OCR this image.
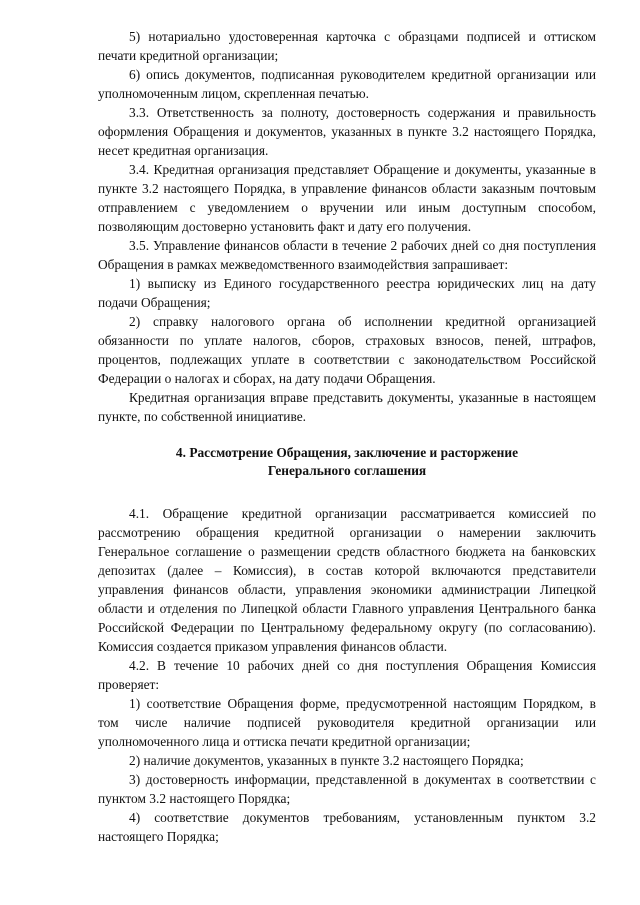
5) нотариально удостоверенная карточка с образцами подписей и оттиском печати кредитной организации;

6) опись документов, подписанная руководителем кредитной организации или уполномоченным лицом, скрепленная печатью.

3.3. Ответственность за полноту, достоверность содержания и правильность оформления Обращения и документов, указанных в пункте 3.2 настоящего Порядка, несет кредитная организация.

3.4. Кредитная организация представляет Обращение и документы, указанные в пункте 3.2 настоящего Порядка, в управление финансов области заказным почтовым отправлением с уведомлением о вручении или иным доступным способом, позволяющим достоверно установить факт и дату его получения.

3.5. Управление финансов области в течение 2 рабочих дней со дня поступления Обращения в рамках межведомственного взаимодействия запрашивает:

1) выписку из Единого государственного реестра юридических лиц на дату подачи Обращения;

2) справку налогового органа об исполнении кредитной организацией обязанности по уплате налогов, сборов, страховых взносов, пеней, штрафов, процентов, подлежащих уплате в соответствии с законодательством Российской Федерации о налогах и сборах, на дату подачи Обращения.

Кредитная организация вправе представить документы, указанные в настоящем пункте, по собственной инициативе.

4. Рассмотрение Обращения, заключение и расторжение
Генерального соглашения

4.1. Обращение кредитной организации рассматривается комиссией по рассмотрению обращения кредитной организации о намерении заключить Генеральное соглашение о размещении средств областного бюджета на банковских депозитах (далее – Комиссия), в состав которой включаются представители управления финансов области, управления экономики администрации Липецкой области и отделения по Липецкой области Главного управления Центрального банка Российской Федерации по Центральному федеральному округу (по согласованию). Комиссия создается приказом управления финансов области.

4.2. В течение 10 рабочих дней со дня поступления Обращения Комиссия проверяет:

1) соответствие Обращения форме, предусмотренной настоящим Порядком, в том числе наличие подписей руководителя кредитной организации или уполномоченного лица и оттиска печати кредитной организации;

2) наличие документов, указанных в пункте 3.2 настоящего Порядка;

3) достоверность информации, представленной в документах в соответствии с пунктом 3.2 настоящего Порядка;

4) соответствие документов требованиям, установленным пунктом 3.2 настоящего Порядка;
